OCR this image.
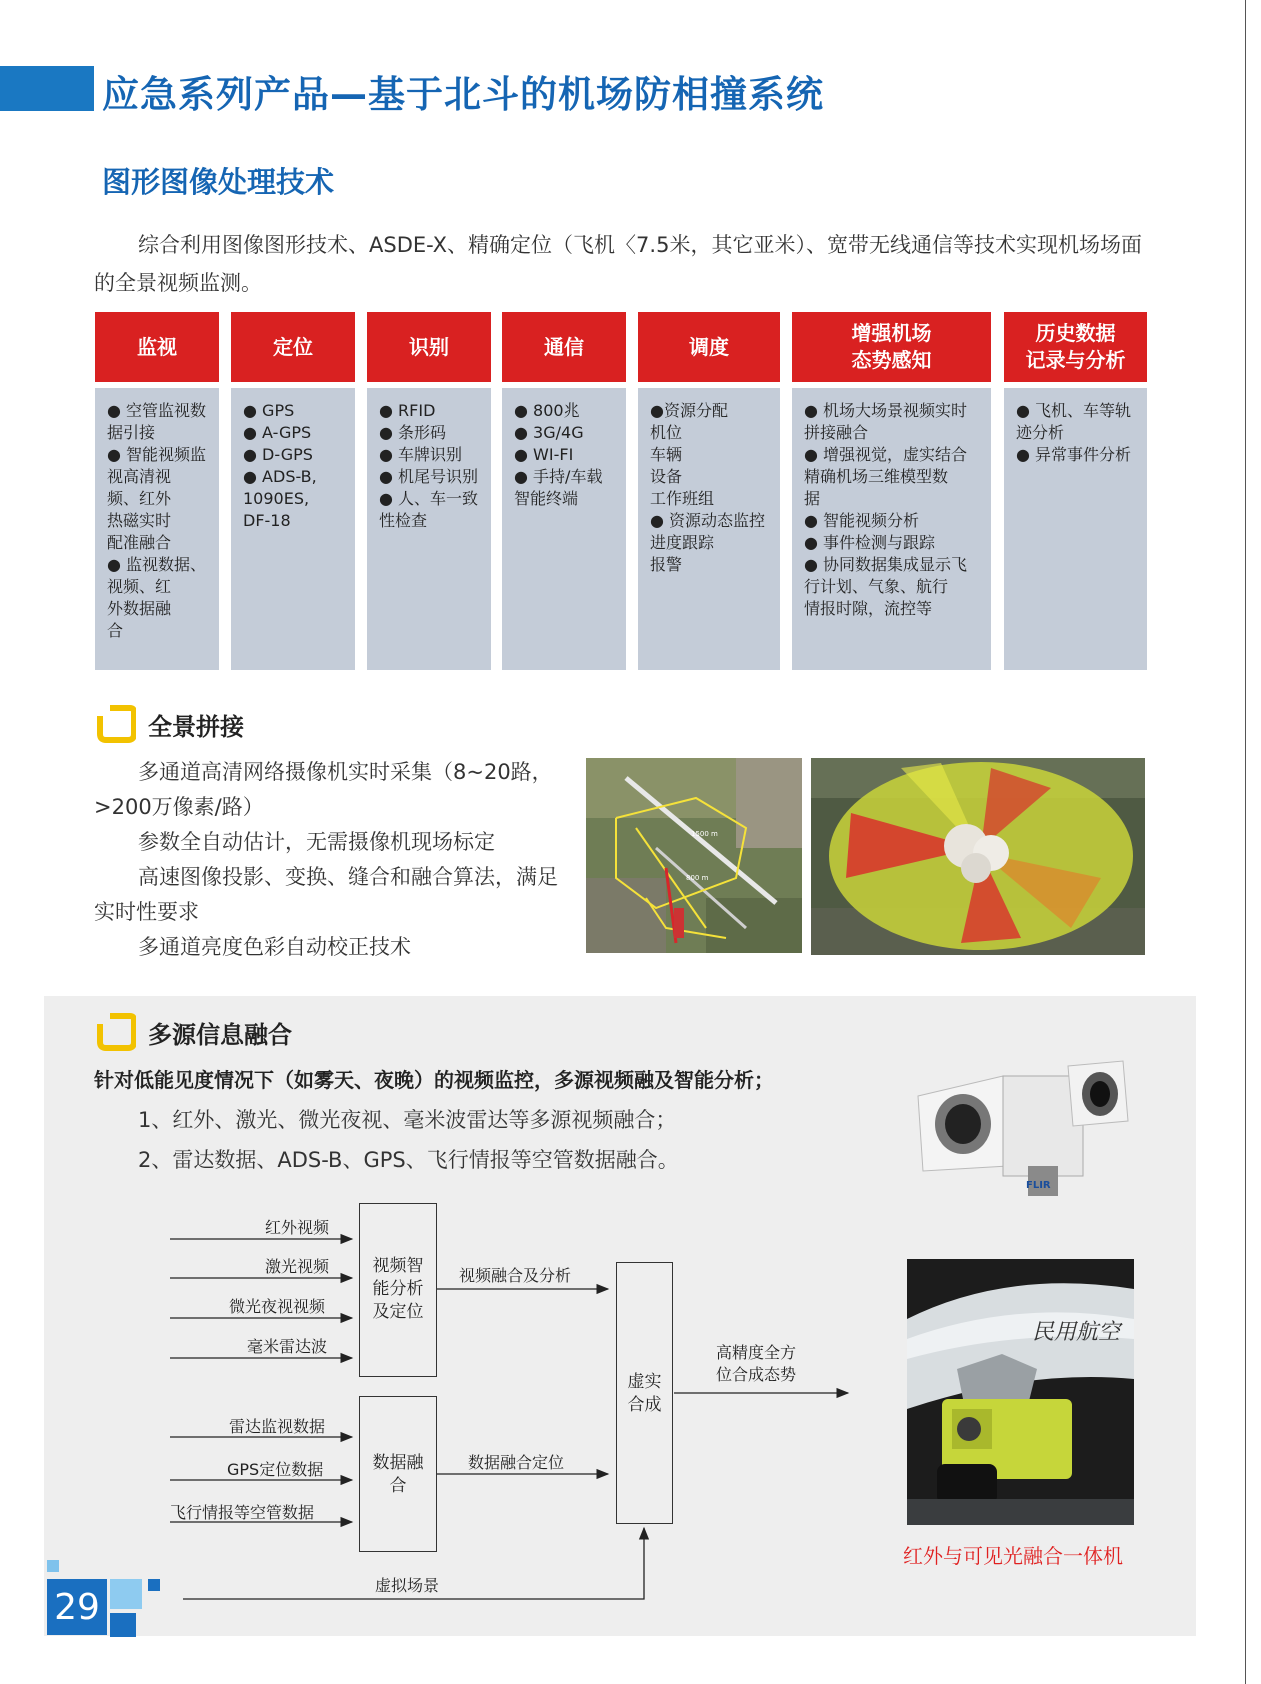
应急系列产品—基于北斗的机场防相撞系统
图形图像处理技术
综合利用图像图形技术、ASDE-X、精确定位（飞机〈7.5米，其它亚米）、宽带无线通信等技术实现机场场面的全景视频监测。
监视
● 空管监视数
据引接
● 智能视频监
视高清视
频、红外
热磁实时
配准融合
● 监视数据、
视频、红
外数据融
合
定位
● GPS
● A-GPS
● D-GPS
● ADS-B,
1090ES,
DF-18
识别
● RFID
● 条形码
● 车牌识别
● 机尾号识别
● 人、车一致
性检查
通信
● 800兆
● 3G/4G
● WI-FI
● 手持/车载
智能终端
调度
●资源分配
机位
车辆
设备
工作班组
● 资源动态监控
进度跟踪
报警
增强机场
态势感知
● 机场大场景视频实时
拼接融合
● 增强视觉，虚实结合
精确机场三维模型数
据
● 智能视频分析
● 事件检测与跟踪
● 协同数据集成显示飞
行计划、气象、航行
情报时隙，流控等
历史数据
记录与分析
● 飞机、车等轨
迹分析
● 异常事件分析
全景拼接
多通道高清网络摄像机实时采集（8~20路，>200万像素/路）
参数全自动估计，无需摄像机现场标定
高速图像投影、变换、缝合和融合算法，满足实时性要求
多通道亮度色彩自动校正技术
1500 m
800 m
多源信息融合
针对低能见度情况下（如雾天、夜晚）的视频监控，多源视频融及智能分析；
1、红外、激光、微光夜视、毫米波雷达等多源视频融合；
2、雷达数据、ADS-B、GPS、飞行情报等空管数据融合。
FLIR
民用航空
红外与可见光融合一体机
视频智
能分析
及定位
数据融
合
虚实
合成
红外视频
激光视频
微光夜视视频
毫米雷达波
雷达监视数据
GPS定位数据
飞行情报等空管数据
视频融合及分析
数据融合定位
高精度全方
位合成态势
虚拟场景
29
